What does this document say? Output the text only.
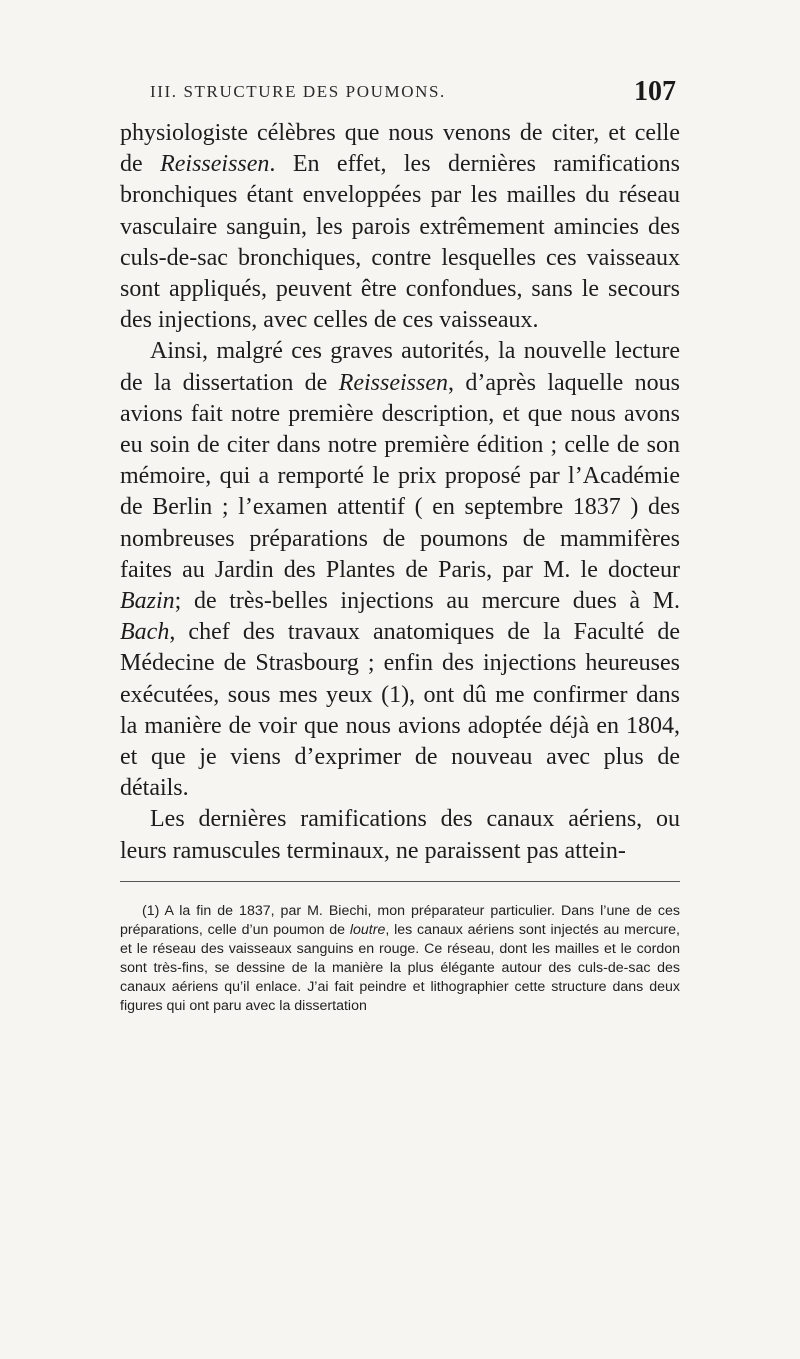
III. STRUCTURE DES POUMONS.	107

physiologiste célèbres que nous venons de citer, et celle de Reisseissen. En effet, les dernières ramifications bronchiques étant enveloppées par les mailles du réseau vasculaire sanguin, les parois extrêmement amincies des culs-de-sac bronchiques, contre lesquelles ces vaisseaux sont appliqués, peuvent être confondues, sans le secours des injections, avec celles de ces vaisseaux.

Ainsi, malgré ces graves autorités, la nouvelle lecture de la dissertation de Reisseissen, d’après laquelle nous avions fait notre première description, et que nous avons eu soin de citer dans notre première édition ; celle de son mémoire, qui a remporté le prix proposé par l’Académie de Berlin ; l’examen attentif ( en septembre 1837 ) des nombreuses préparations de poumons de mammifères faites au Jardin des Plantes de Paris, par M. le docteur Bazin; de très-belles injections au mercure dues à M. Bach, chef des travaux anatomiques de la Faculté de Médecine de Strasbourg ; enfin des injections heureuses exécutées, sous mes yeux (1), ont dû me confirmer dans la manière de voir que nous avions adoptée déjà en 1804, et que je viens d’exprimer de nouveau avec plus de détails.

Les dernières ramifications des canaux aériens, ou leurs ramuscules terminaux, ne paraissent pas attein-

(1) A la fin de 1837, par M. Biechi, mon préparateur particulier. Dans l’une de ces préparations, celle d’un poumon de loutre, les canaux aériens sont injectés au mercure, et le réseau des vaisseaux sanguins en rouge. Ce réseau, dont les mailles et le cordon sont très-fins, se dessine de la manière la plus élégante autour des culs-de-sac des canaux aériens qu’il enlace. J’ai fait peindre et lithographier cette structure dans deux figures qui ont paru avec la dissertation
